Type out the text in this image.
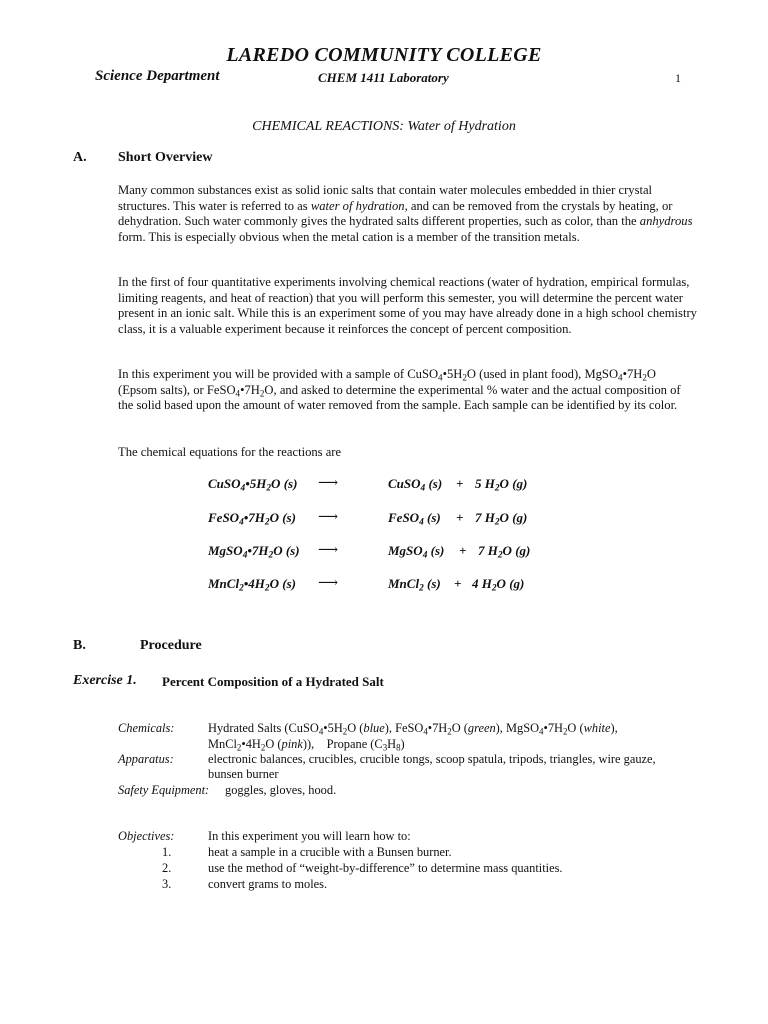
LAREDO COMMUNITY COLLEGE
Science Department	CHEM 1411 Laboratory	1
CHEMICAL REACTIONS: Water of Hydration
A. Short Overview
Many common substances exist as solid ionic salts that contain water molecules embedded in thier crystal structures. This water is referred to as water of hydration, and can be removed from the crystals by heating, or dehydration. Such water commonly gives the hydrated salts different properties, such as color, than the anhydrous form. This is especially obvious when the metal cation is a member of the transition metals.
In the first of four quantitative experiments involving chemical reactions (water of hydration, empirical formulas, limiting reagents, and heat of reaction) that you will perform this semester, you will determine the percent water present in an ionic salt. While this is an experiment some of you may have already done in a high school chemistry class, it is a valuable experiment because it reinforces the concept of percent composition.
In this experiment you will be provided with a sample of $CuSO_4•5H_2O$ (used in plant food), $MgSO_4•7H_2O$ (Epsom salts), or $FeSO_4•7H_2O$, and asked to determine the experimental % water and the actual composition of the solid based upon the amount of water removed from the sample. Each sample can be identified by its color.
The chemical equations for the reactions are
$CuSO_4•5H_2O$ (s) ⟶	CuSO$_4$ (s) + 5 $H_2O$ (g)
$FeSO_4•7H_2O$ (s) ⟶	FeSO$_4$ (s) + 7 $H_2O$ (g)
$MgSO_4•7H_2O$ (s) ⟶	MgSO$_4$ (s) + 7 $H_2O$ (g)
$MnCl_2•4H_2O$ (s) ⟶	MnCl$_2$ (s) + 4 $H_2O$ (g)
B.	Procedure
Exercise 1. Percent Composition of a Hydrated Salt
Chemicals:	Hydrated Salts ($CuSO_4•5H_2O$ (blue), $FeSO_4•7H_2O$ (green), $MgSO_4•7H_2O$ (white),
$MnCl_2•4H_2O$ (pink)), Propane $(C_3H_8)$
Apparatus:	electronic balances, crucibles, crucible tongs, scoop spatula, tripods, triangles, wire gauze,
bunsen burner
Safety Equipment: goggles, gloves, hood.
Objectives:	In this experiment you will learn how to:
1.	heat a sample in a crucible with a Bunsen burner.
2.	use the method of “weight-by-difference” to determine mass quantities.
3.	convert grams to moles.
